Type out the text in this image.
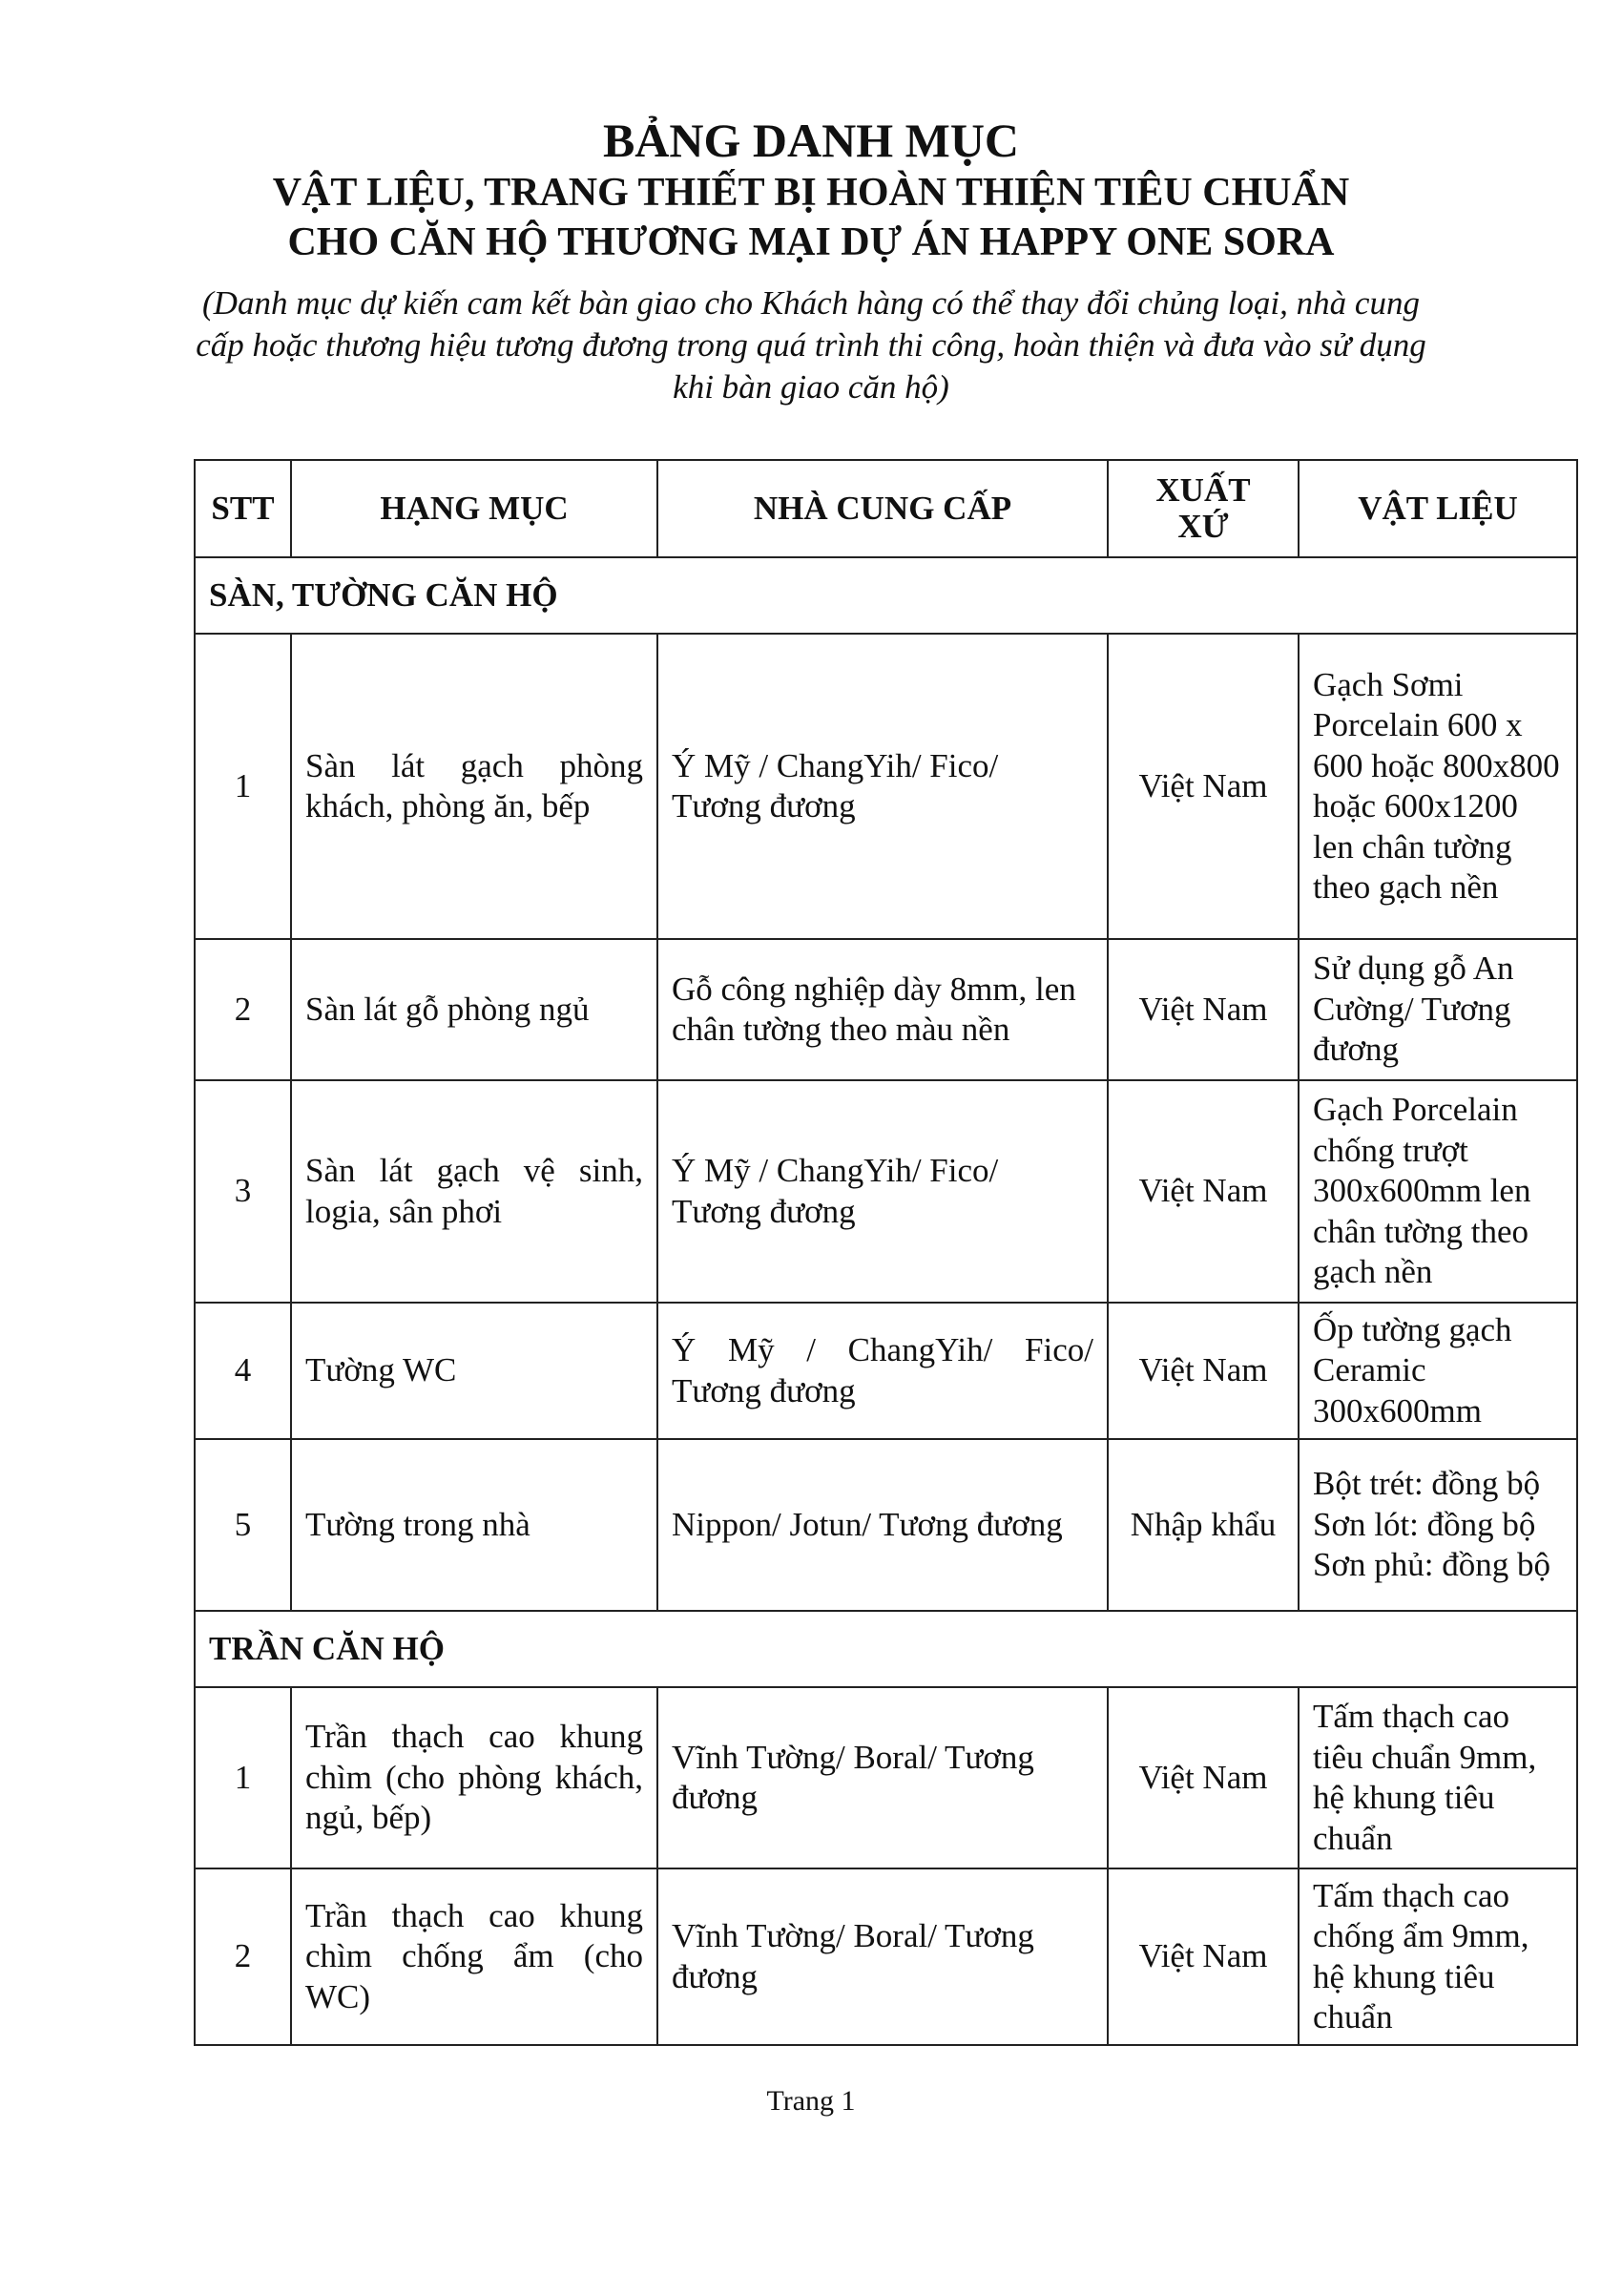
BẢNG DANH MỤC

VẬT LIỆU, TRANG THIẾT BỊ HOÀN THIỆN TIÊU CHUẨN

CHO CĂN HỘ THƯƠNG MẠI DỰ ÁN HAPPY ONE SORA

(Danh mục dự kiến cam kết bàn giao cho Khách hàng có thể thay đổi chủng loại, nhà cung cấp hoặc thương hiệu tương đương trong quá trình thi công, hoàn thiện và đưa vào sử dụng khi bàn giao căn hộ)
STT	HẠNG MỤC	NHÀ CUNG CẤP	XUẤT XỨ	VẬT LIỆU
SÀN, TƯỜNG CĂN HỘ				
1	Sàn lát gạch phòng khách, phòng ăn, bếp	Ý Mỹ / ChangYih/ Fico/ Tương đương	Việt Nam	Gạch Sơmi Porcelain 600 x 600 hoặc 800x800 hoặc 600x1200 len chân tường theo gạch nền
2	Sàn lát gỗ phòng ngủ	Gỗ công nghiệp dày 8mm, len chân tường theo màu nền	Việt Nam	Sử dụng gỗ An Cường/ Tương đương
3	Sàn lát gạch vệ sinh, logia, sân phơi	Ý Mỹ / ChangYih/ Fico/ Tương đương	Việt Nam	Gạch Porcelain chống trượt 300x600mm len chân tường theo gạch nền
4	Tường WC	Ý Mỹ / ChangYih/ Fico/ Tương đương	Việt Nam	Ốp tường gạch Ceramic 300x600mm
5	Tường trong nhà	Nippon/ Jotun/ Tương đương	Nhập khẩu	Bột trét: đồng bộ Sơn lót: đồng bộ Sơn phủ: đồng bộ
TRẦN CĂN HỘ				
1	Trần thạch cao khung chìm (cho phòng khách, ngủ, bếp)	Vĩnh Tường/ Boral/ Tương đương	Việt Nam	Tấm thạch cao tiêu chuẩn 9mm, hệ khung tiêu chuẩn
2	Trần thạch cao khung chìm chống ẩm (cho WC)	Vĩnh Tường/ Boral/ Tương đương	Việt Nam	Tấm thạch cao chống ẩm 9mm, hệ khung tiêu chuẩn
Trang 1
